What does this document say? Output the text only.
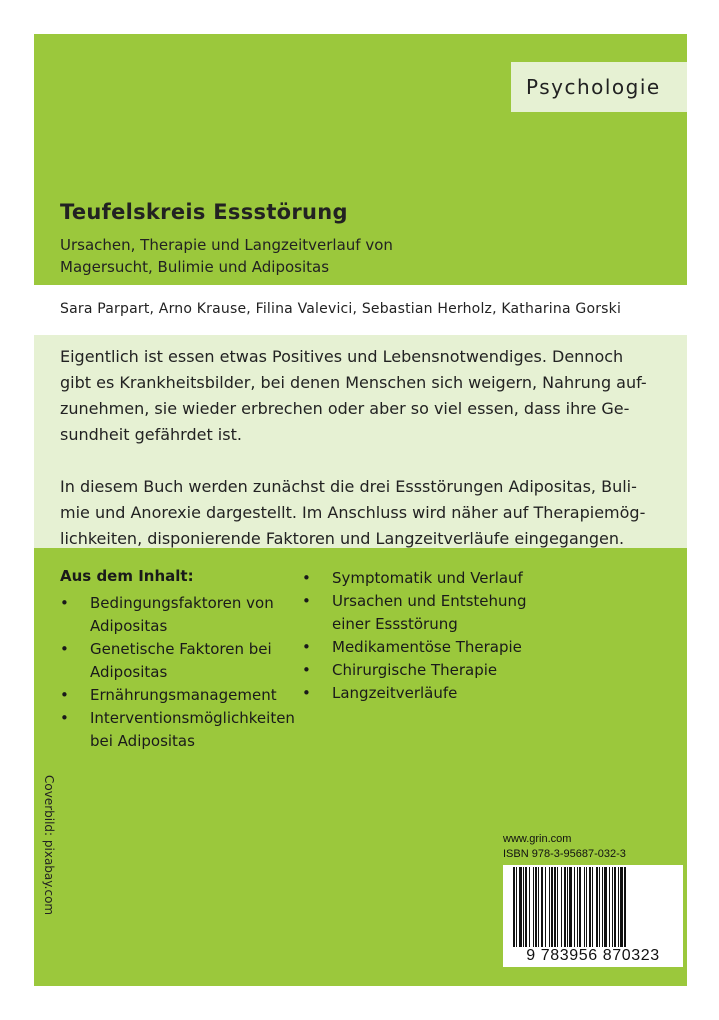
Psychologie
Teufelskreis Essstörung
Ursachen, Therapie und Langzeitverlauf von
Magersucht, Bulimie und Adipositas
Sara Parpart, Arno Krause, Filina Valevici, Sebastian Herholz, Katharina Gorski
Eigentlich ist essen etwas Positives und Lebensnotwendiges. Dennoch
gibt es Krankheitsbilder, bei denen Menschen sich weigern, Nahrung auf-
zunehmen, sie wieder erbrechen oder aber so viel essen, dass ihre Ge-
sundheit gefährdet ist.
In diesem Buch werden zunächst die drei Essstörungen Adipositas, Buli-
mie und Anorexie dargestellt. Im Anschluss wird näher auf Therapiemög-
lichkeiten, disponierende Faktoren und Langzeitverläufe eingegangen.
Aus dem Inhalt:
• Bedingungsfaktoren von
Adipositas
• Genetische Faktoren bei
Adipositas
• Ernährungsmanagement
• Interventionsmöglichkeiten
bei Adipositas
• Symptomatik und Verlauf
• Ursachen und Entstehung
einer Essstörung
• Medikamentöse Therapie
• Chirurgische Therapie
• Langzeitverläufe
Coverbild: pixabay.com	www.grin.com
ISBN 978-3-95687-032-3
9 783956 870323
